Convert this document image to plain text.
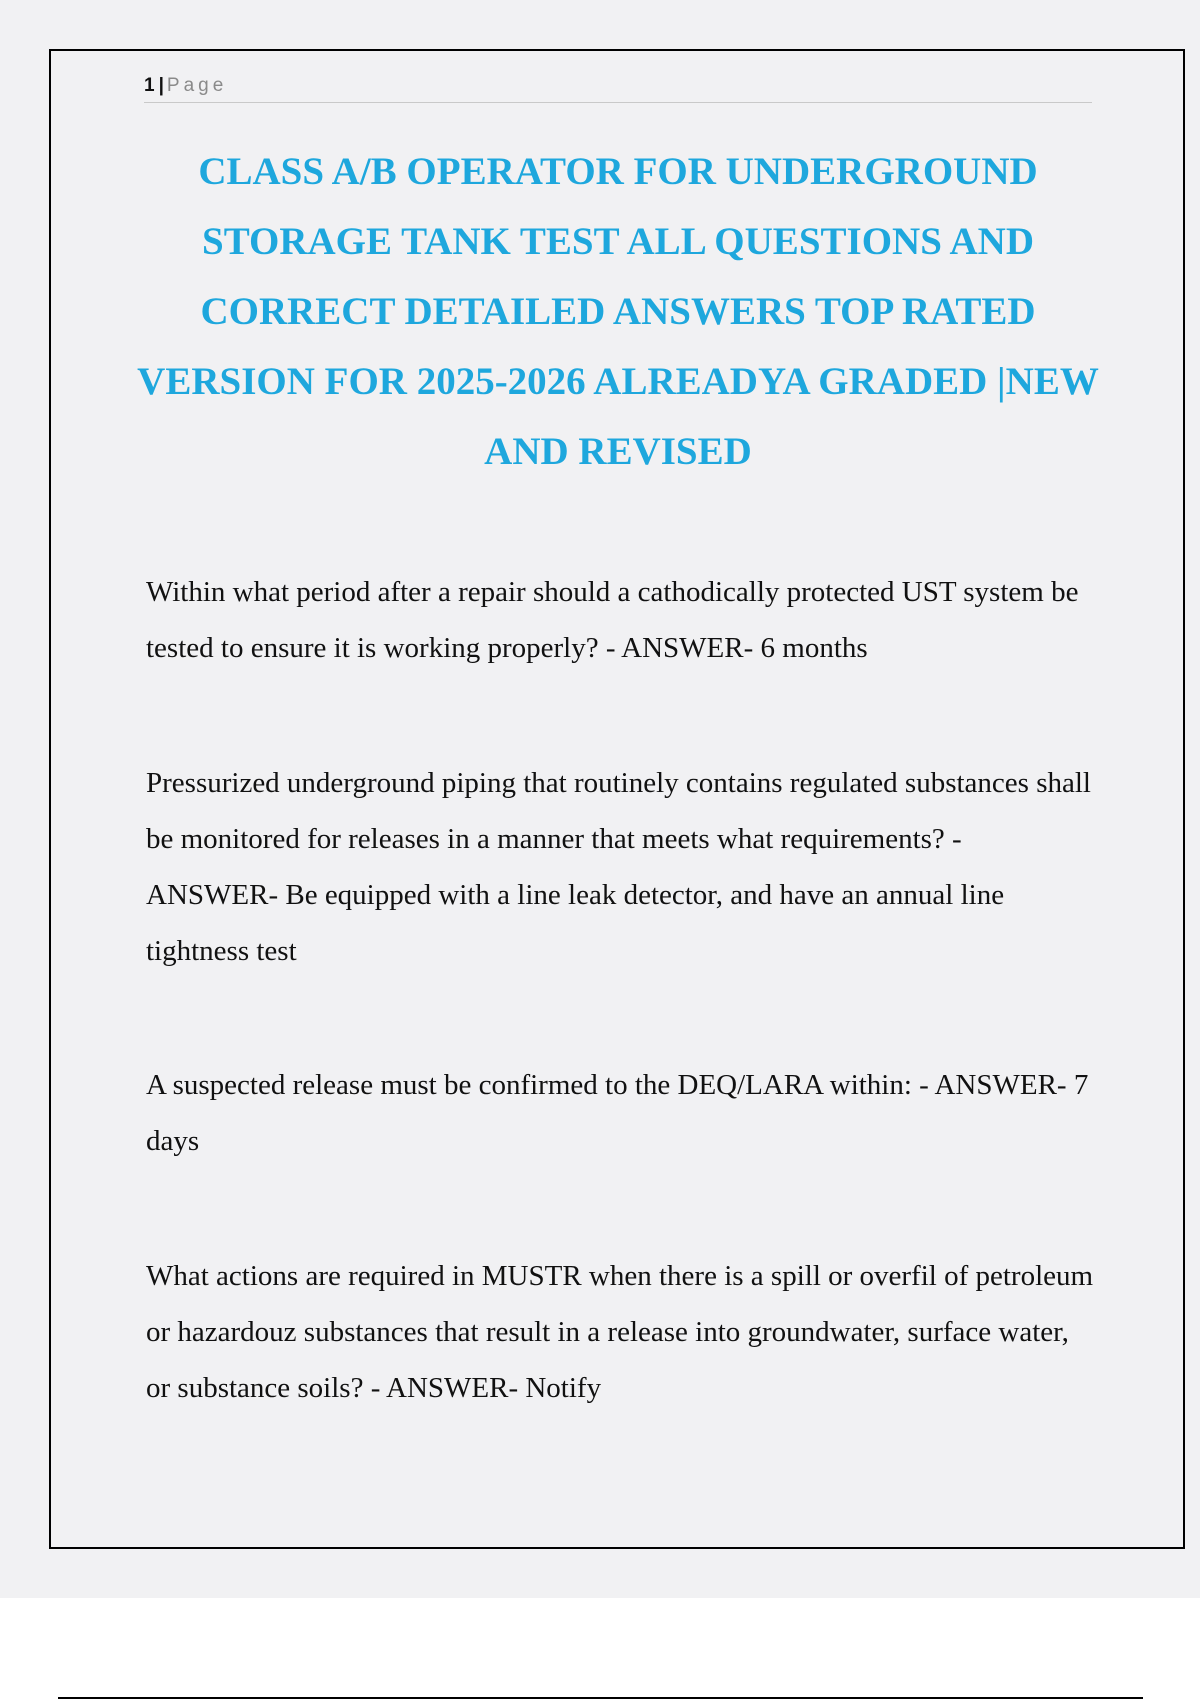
1 | Page
CLASS A/B OPERATOR FOR UNDERGROUND STORAGE TANK TEST ALL QUESTIONS AND CORRECT DETAILED ANSWERS TOP RATED VERSION FOR 2025-2026 ALREADYA GRADED |NEW AND REVISED
Within what period after a repair should a cathodically protected UST system be tested to ensure it is working properly? - ANSWER- 6 months
Pressurized underground piping that routinely contains regulated substances shall be monitored for releases in a manner that meets what requirements? - ANSWER- Be equipped with a line leak detector, and have an annual line tightness test
A suspected release must be confirmed to the DEQ/LARA within: - ANSWER- 7 days
What actions are required in MUSTR when there is a spill or overfil of petroleum or hazardouz substances that result in a release into groundwater, surface water, or substance soils? - ANSWER- Notify
